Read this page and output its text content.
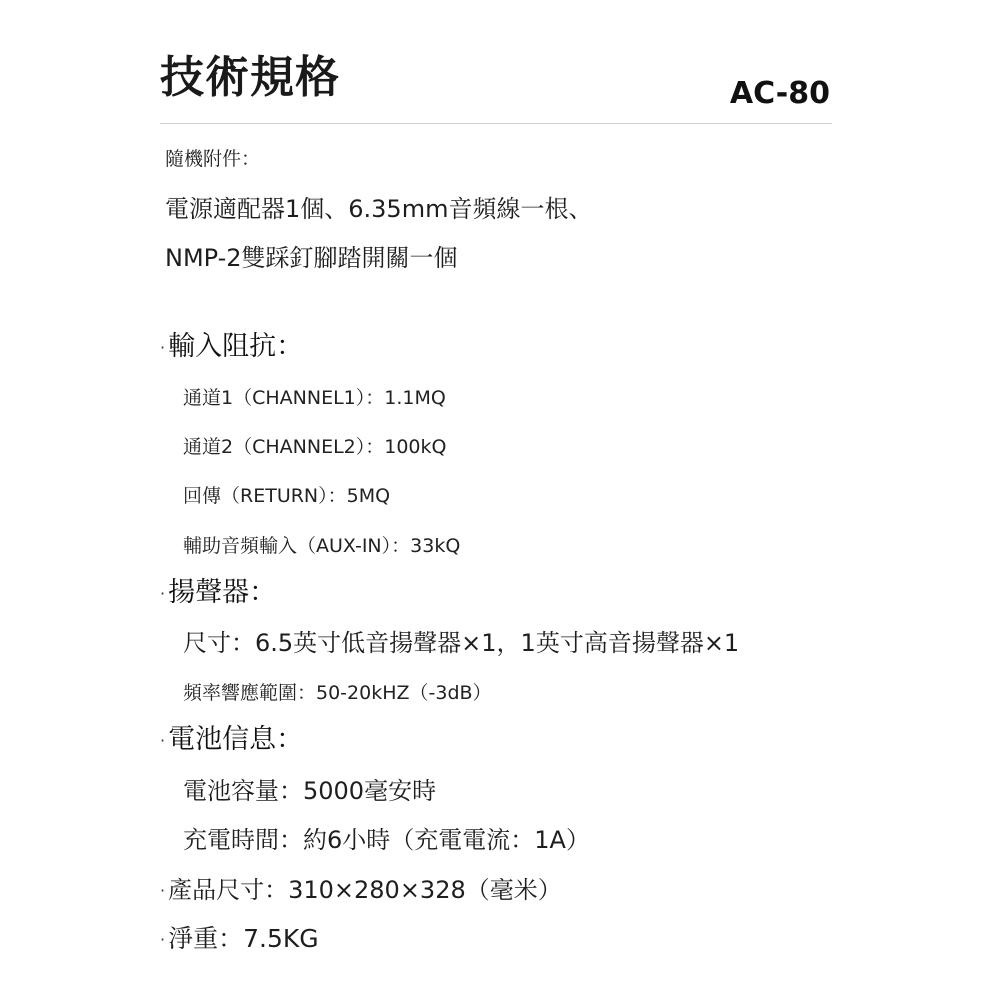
技術規格	AC-80
隨機附件：
電源適配器1個、6.35mm音頻線一根、
NMP-2雙踩釘腳踏開關一個
· 輸入阻抗：
通道1（CHANNEL1）：1.1MQ
通道2（CHANNEL2）：100kQ
回傳（RETURN）：5MQ
輔助音頻輸入（AUX-IN）：33kQ
· 揚聲器：
尺寸：6.5英寸低音揚聲器×1，1英寸高音揚聲器×1
頻率響應範圍：50-20kHZ（-3dB）
· 電池信息：
電池容量：5000毫安時
充電時間：約6小時（充電電流：1A）
· 產品尺寸：310×280×328（毫米）
· 淨重：7.5KG
